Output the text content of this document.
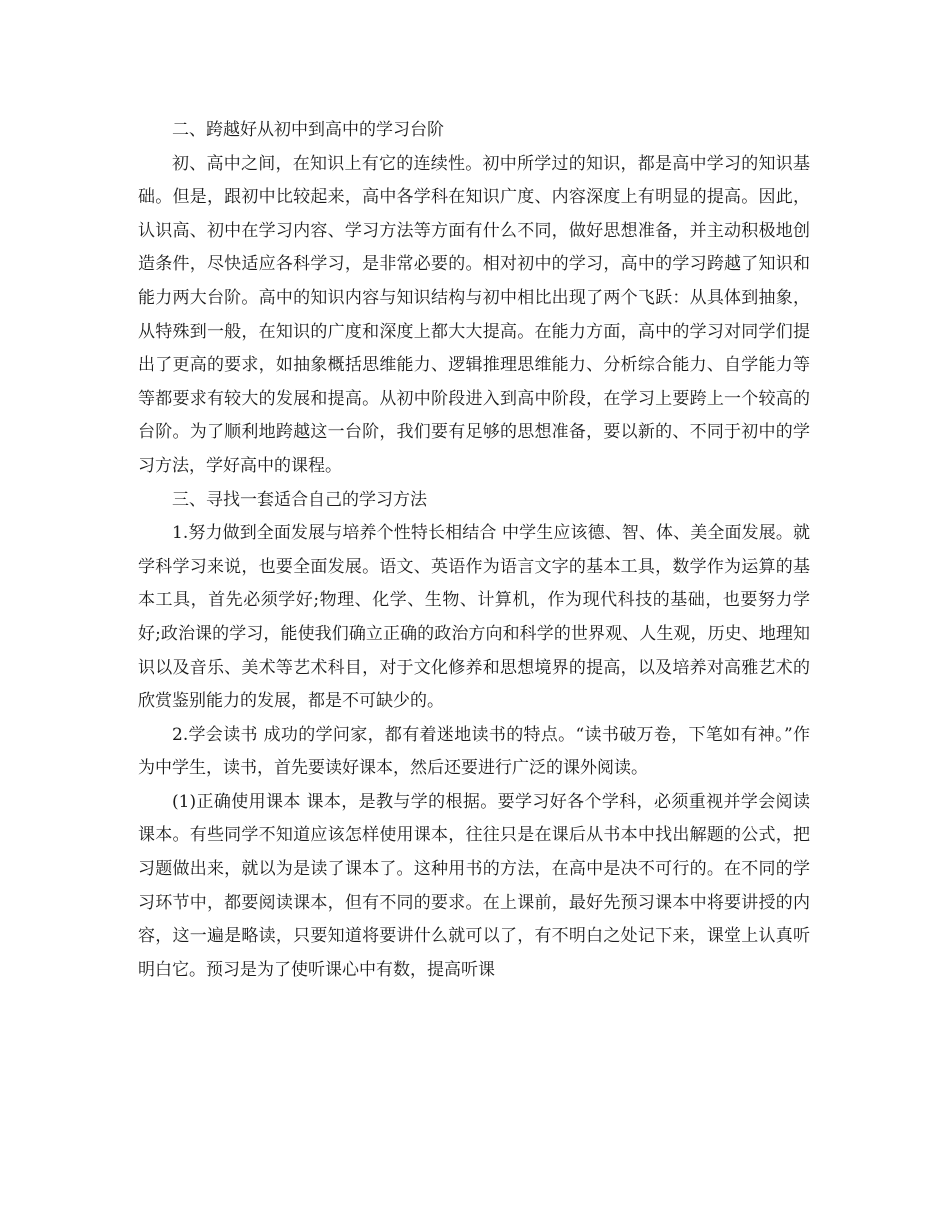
二、跨越好从初中到高中的学习台阶

初、高中之间，在知识上有它的连续性。初中所学过的知识，都是高中学习的知识基础。但是，跟初中比较起来，高中各学科在知识广度、内容深度上有明显的提高。因此，认识高、初中在学习内容、学习方法等方面有什么不同，做好思想准备，并主动积极地创造条件，尽快适应各科学习，是非常必要的。相对初中的学习，高中的学习跨越了知识和能力两大台阶。高中的知识内容与知识结构与初中相比出现了两个飞跃：从具体到抽象，从特殊到一般，在知识的广度和深度上都大大提高。在能力方面，高中的学习对同学们提出了更高的要求，如抽象概括思维能力、逻辑推理思维能力、分析综合能力、自学能力等等都要求有较大的发展和提高。从初中阶段进入到高中阶段，在学习上要跨上一个较高的台阶。为了顺利地跨越这一台阶，我们要有足够的思想准备，要以新的、不同于初中的学习方法，学好高中的课程。

三、寻找一套适合自己的学习方法

1.努力做到全面发展与培养个性特长相结合 中学生应该德、智、体、美全面发展。就学科学习来说，也要全面发展。语文、英语作为语言文字的基本工具，数学作为运算的基本工具，首先必须学好;物理、化学、生物、计算机，作为现代科技的基础，也要努力学好;政治课的学习，能使我们确立正确的政治方向和科学的世界观、人生观，历史、地理知识以及音乐、美术等艺术科目，对于文化修养和思想境界的提高，以及培养对高雅艺术的欣赏鉴别能力的发展，都是不可缺少的。

2.学会读书 成功的学问家，都有着迷地读书的特点。“读书破万卷，下笔如有神。”作为中学生，读书，首先要读好课本，然后还要进行广泛的课外阅读。

(1)正确使用课本 课本，是教与学的根据。要学习好各个学科，必须重视并学会阅读课本。有些同学不知道应该怎样使用课本，往往只是在课后从书本中找出解题的公式，把习题做出来，就以为是读了课本了。这种用书的方法，在高中是决不可行的。在不同的学习环节中，都要阅读课本，但有不同的要求。在上课前，最好先预习课本中将要讲授的内容，这一遍是略读，只要知道将要讲什么就可以了，有不明白之处记下来，课堂上认真听明白它。预习是为了使听课心中有数，提高听课
